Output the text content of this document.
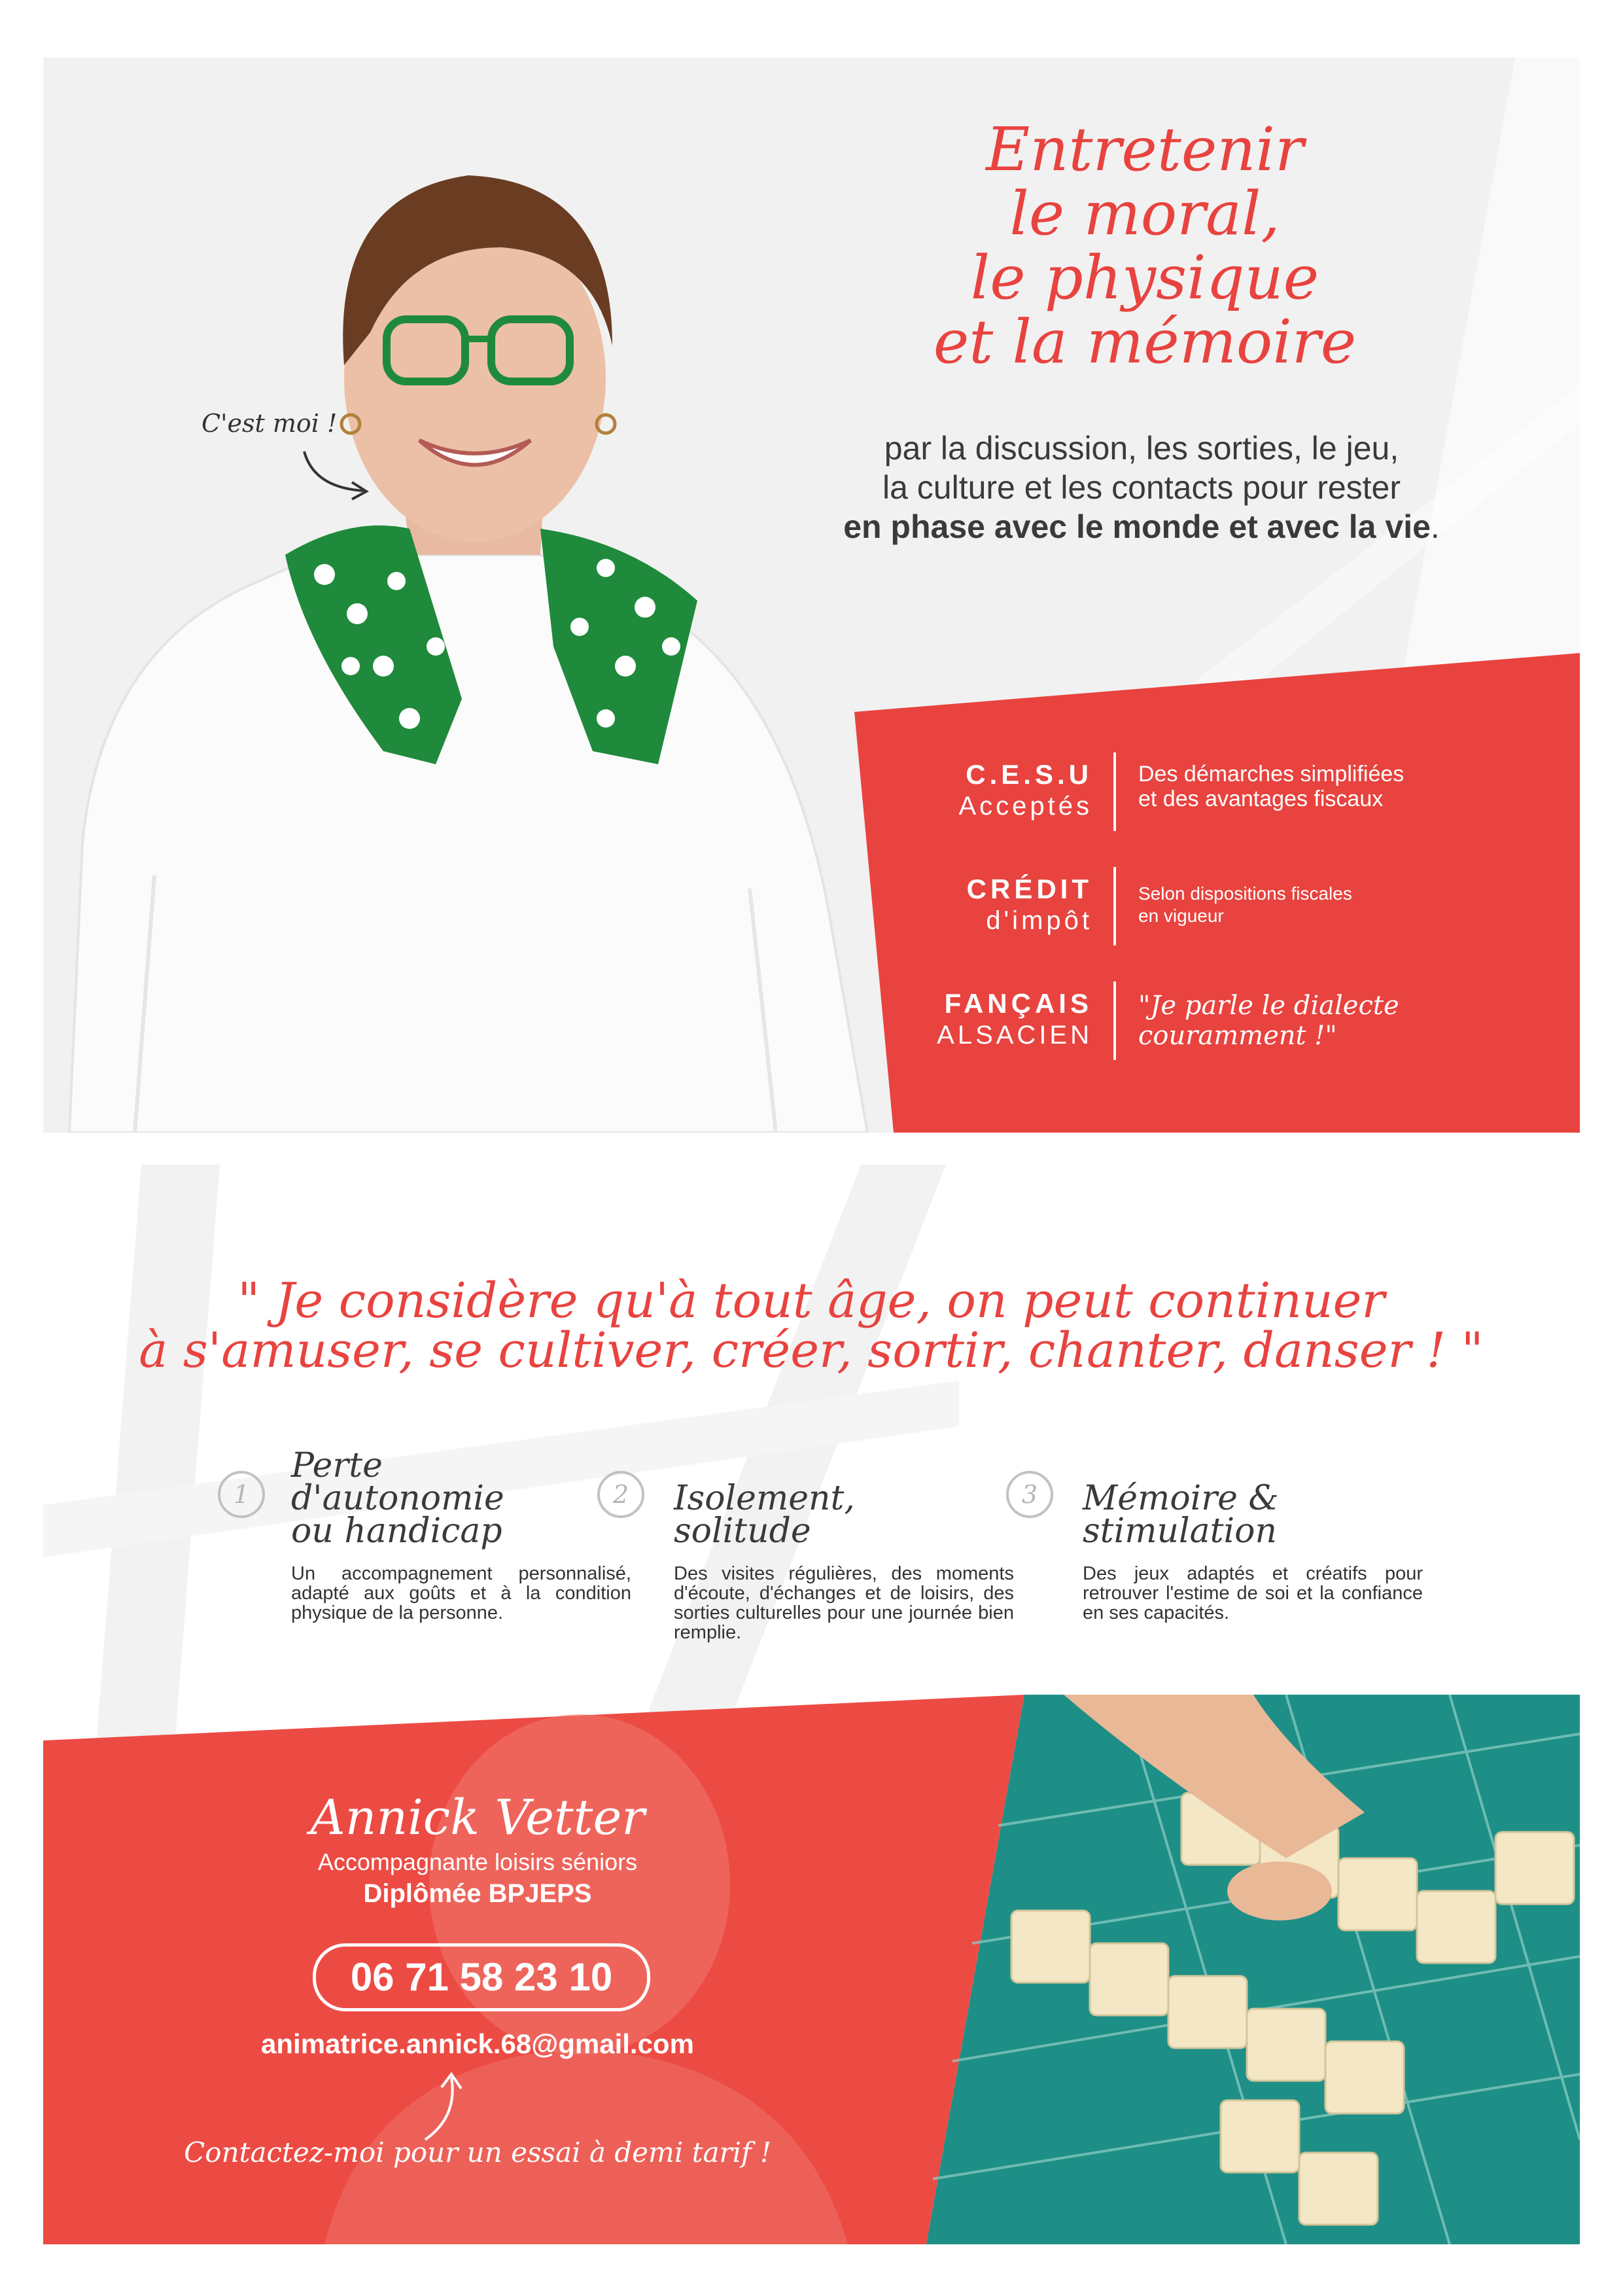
C'est moi !
Entretenir
le moral,
le physique
et la mémoire
par la discussion, les sorties, le jeu,
la culture et les contacts pour rester
en phase avec le monde et avec la vie.
C.E.S.U
Acceptés
Des démarches simplifiées
et des avantages fiscaux
CRÉDIT
d'impôt
Selon dispositions fiscales
en vigueur
FANÇAIS
ALSACIEN
"Je parle le dialecte
couramment !"
" Je considère qu'à tout âge, on peut continuer
à s'amuser, se cultiver, créer, sortir, chanter, danser ! "
1
Perte
d'autonomie
ou handicap
Un accompagnement personnalisé, adapté aux goûts et à la condition physique de la personne.
2 Isolement,
solitude
Des visites régulières, des moments d'écoute, d'échanges et de loisirs, des sorties culturelles pour une journée bien remplie.
3 Mémoire &
stimulation
Des jeux adaptés et créatifs pour retrouver l'estime de soi et la confiance en ses capacités.
Annick Vetter
Accompagnante loisirs séniors
Diplômée BPJEPS
06 71 58 23 10
animatrice.annick.68@gmail.com
Contactez-moi pour un essai à demi tarif !
